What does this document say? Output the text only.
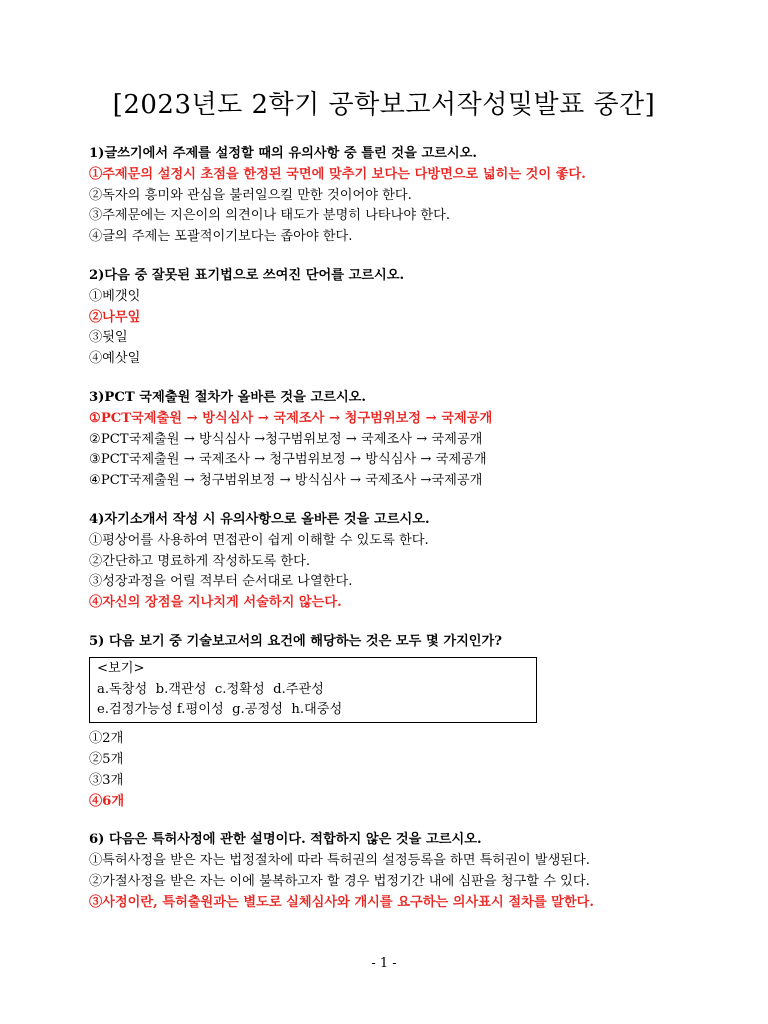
[2023년도 2학기 공학보고서작성및발표 중간]
1)글쓰기에서 주제를 설정할 때의 유의사항 중 틀린 것을 고르시오.
①주제문의 설정시 초점을 한정된 국면에 맞추기 보다는 다방면으로 넓히는 것이 좋다.
②독자의 흥미와 관심을 불러일으킬 만한 것이어야 한다.
③주제문에는 지은이의 의견이나 태도가 분명히 나타나야 한다.
④글의 주제는 포괄적이기보다는 좁아야 한다.
2)다음 중 잘못된 표기법으로 쓰여진 단어를 고르시오.
①베갯잇
②나무잎
③뒷일
④예삿일
3)PCT 국제출원 절차가 올바른 것을 고르시오.
①PCT국제출원 → 방식심사 → 국제조사 → 청구범위보정 → 국제공개
②PCT국제출원 → 방식심사 →청구범위보정 → 국제조사 → 국제공개
③PCT국제출원 → 국제조사 → 청구범위보정 → 방식심사 → 국제공개
④PCT국제출원 → 청구범위보정 → 방식심사 → 국제조사 →국제공개
4)자기소개서 작성 시 유의사항으로 올바른 것을 고르시오.
①평상어를 사용하여 면접관이 쉽게 이해할 수 있도록 한다.
②간단하고 명료하게 작성하도록 한다.
③성장과정을 어릴 적부터 순서대로 나열한다.
④자신의 장점을 지나치게 서술하지 않는다.
5) 다음 보기 중 기술보고서의 요건에 해당하는 것은 모두 몇 가지인가?
<보기>
a.독창성  b.객관성  c.정확성  d.주관성
e.검정가능성 f.평이성  g.공정성  h.대중성
①2개
②5개
③3개
④6개
6) 다음은 특허사정에 관한 설명이다. 적합하지 않은 것을 고르시오.
①특허사정을 받은 자는 법정절차에 따라 특허권의 설정등록을 하면 특허권이 발생된다.
②가절사정을 받은 자는 이에 불복하고자 할 경우 법정기간 내에 심판을 청구할 수 있다.
③사정이란, 특허출원과는 별도로 실체심사와 개시를 요구하는 의사표시 절차를 말한다.
- 1 -
